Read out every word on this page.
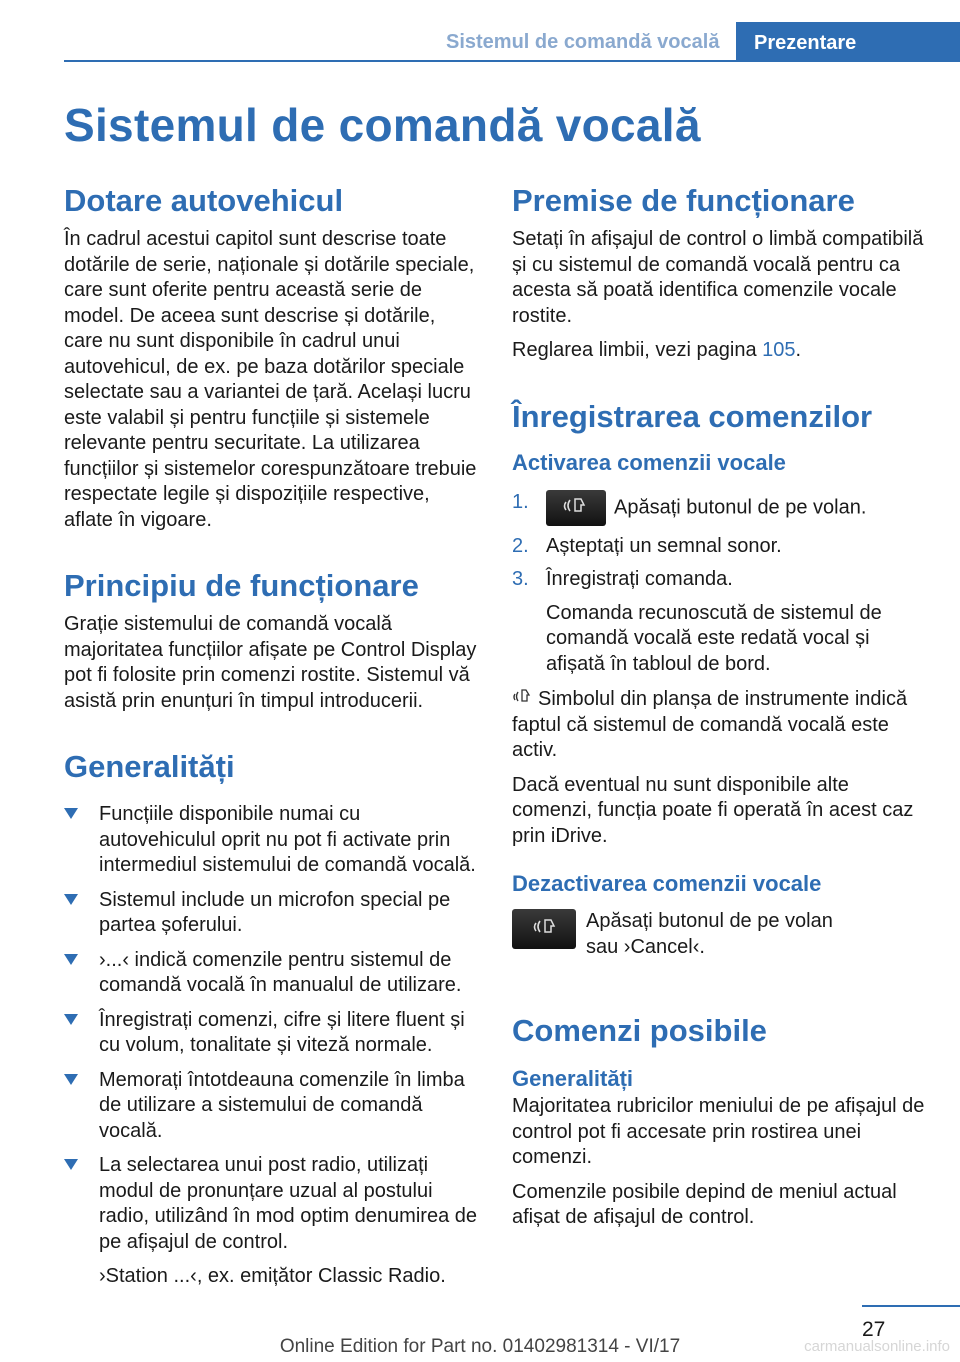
Sistemul de comandă vocală	Prezentare
Sistemul de comandă vocală
Dotare autovehicul

În cadrul acestui capitol sunt descrise toate dotările de serie, naționale și dotările speciale, care sunt oferite pentru această serie de model. De aceea sunt descrise și dotările, care nu sunt disponibile în cadrul unui autovehicul, de ex. pe baza dotărilor speciale selectate sau a variantei de țară. Același lucru este valabil și pentru funcțiile și sistemele relevante pentru securitate. La utilizarea funcțiilor și sistemelor corespunzătoare trebuie respectate legile și dispozițiile respective, aflate în vigoare.

Principiu de funcționare

Grație sistemului de comandă vocală majoritatea funcțiilor afișate pe Control Display pot fi folosite prin comenzi rostite. Sistemul vă asistă prin enunțuri în timpul introducerii.

Generalități
Funcțiile disponibile numai cu autovehiculul oprit nu pot fi activate prin intermediul sistemului de comandă vocală.
Sistemul include un microfon special pe partea șoferului.
›...‹ indică comenzile pentru sistemul de comandă vocală în manualul de utilizare.
Înregistrați comenzi, cifre și litere fluent și cu volum, tonalitate și viteză normale.
Memorați întotdeauna comenzile în limba de utilizare a sistemului de comandă vocală.
La selectarea unui post radio, utilizați modul de pronunțare uzual al postului radio, utilizând în mod optim denumirea de pe afișajul de control.

›Station ...‹, ex. emițător Classic Radio.

Premise de funcționare

Setați în afișajul de control o limbă compatibilă și cu sistemul de comandă vocală pentru ca acesta să poată identifica comenzile vocale rostite.

Reglarea limbii, vezi pagina 105.

Înregistrarea comenzilor
Activarea comenzii vocale
1.	Apăsați butonul de pe volan.
2. Așteptați un semnal sonor.
3. Înregistrați comanda.

Comanda recunoscută de sistemul de comandă vocală este redată vocal și afișată în tabloul de bord.

Simbolul din planșa de instrumente indică faptul că sistemul de comandă vocală este activ.

Dacă eventual nu sunt disponibile alte comenzi, funcția poate fi operată în acest caz prin iDrive.

Dezactivarea comenzii vocale

Apăsați butonul de pe volan sau ›Cancel‹.

Comenzi posibile
Generalități

Majoritatea rubricilor meniului de pe afișajul de control pot fi accesate prin rostirea unei comenzi.

Comenzile posibile depind de meniul actual afișat de afișajul de control.

27
Online Edition for Part no. 01402981314 - VI/17	carmanualsonline.info
